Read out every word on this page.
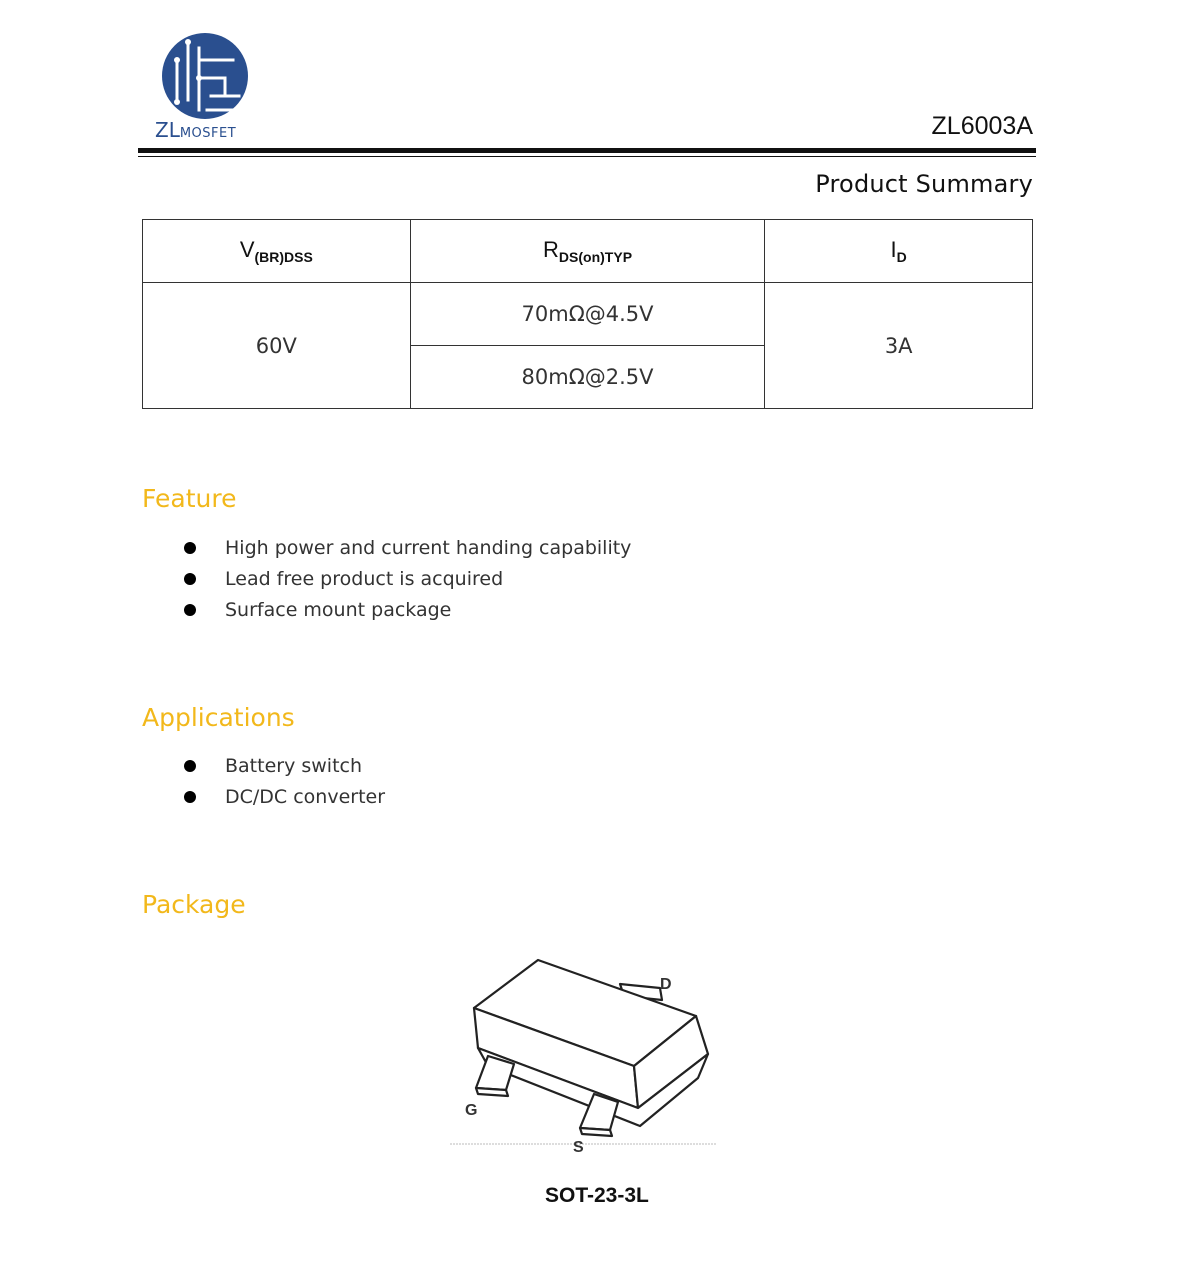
ZLMOSFET	ZL6003A
Product Summary
$V_{(BR)DSS}$	$R_{DS(on)TYP}$	$I_D$
60V	70mΩ@4.5V	3A
	80mΩ@2.5V	
Feature
High power and current handing capability
Lead free product is acquired
Surface mount package
Applications
Battery switch
DC/DC converter
Package
D
G
S
SOT-23-3L
